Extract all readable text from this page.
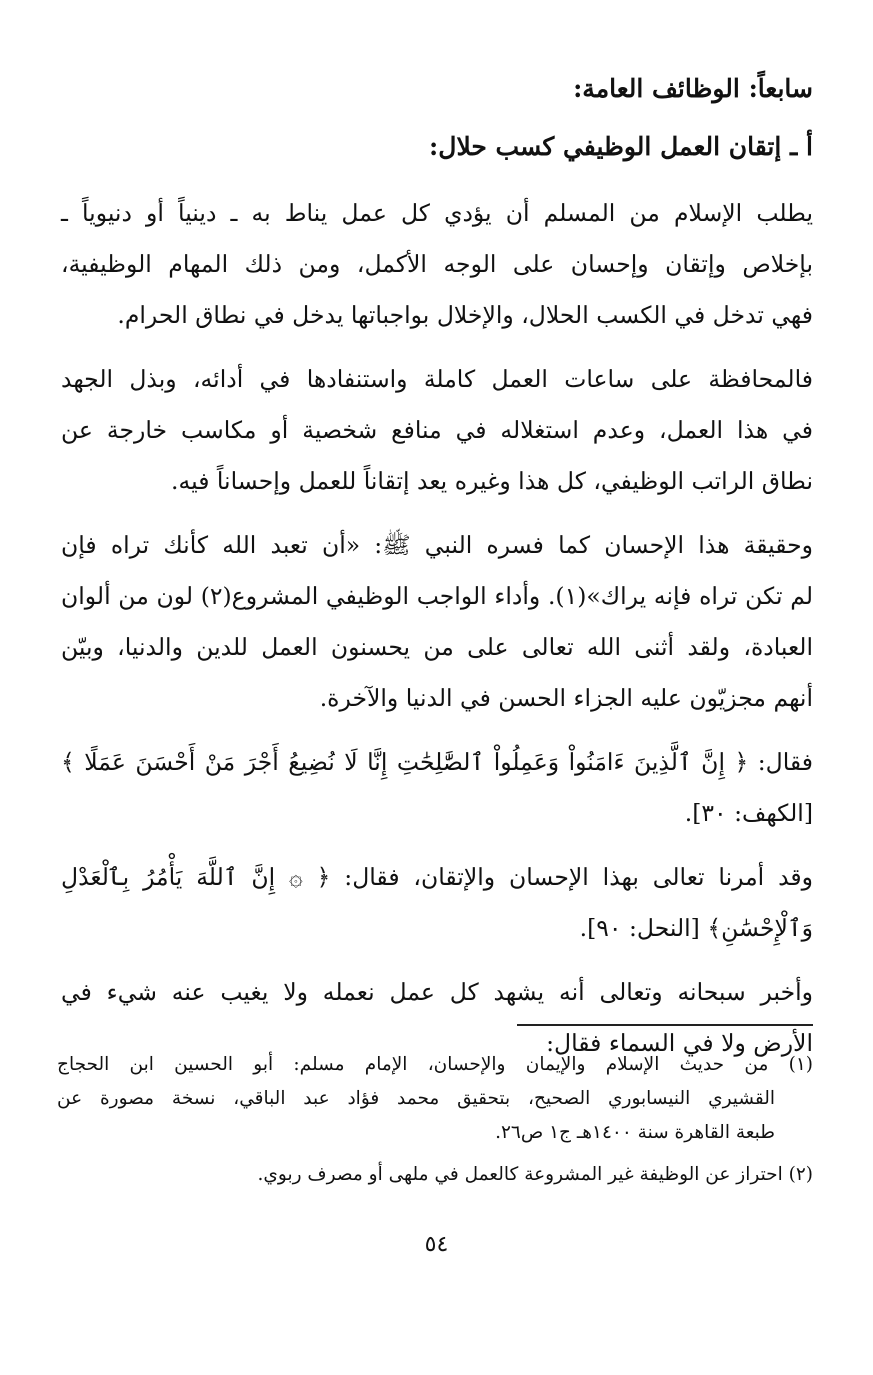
سابعاً: الوظائف العامة:
أ ـ إتقان العمل الوظيفي كسب حلال:
يطلب الإسلام من المسلم أن يؤدي كل عمل يناط به ـ دينياً أو دنيوياً ـ
بإخلاص وإتقان وإحسان على الوجه الأكمل، ومن ذلك المهام الوظيفية،
فهي تدخل في الكسب الحلال، والإخلال بواجباتها يدخل في نطاق الحرام.
فالمحافظة على ساعات العمل كاملة واستنفادها في أدائه، وبذل الجهد
في هذا العمل، وعدم استغلاله في منافع شخصية أو مكاسب خارجة عن
نطاق الراتب الوظيفي، كل هذا وغيره يعد إتقاناً للعمل وإحساناً فيه.
وحقيقة هذا الإحسان كما فسره النبي ﷺ: «أن تعبد الله كأنك تراه فإن
لم تكن تراه فإنه يراك»(١). وأداء الواجب الوظيفي المشروع(٢) لون من ألوان
العبادة، ولقد أثنى الله تعالى على من يحسنون العمل للدين والدنيا، وبيّن
أنهم مجزيّون عليه الجزاء الحسن في الدنيا والآخرة.
فقال: ﴿ إِنَّ ٱلَّذِينَ ءَامَنُواْ وَعَمِلُواْ ٱلصَّٰلِحَٰتِ إِنَّا لَا نُضِيعُ أَجْرَ مَنْ أَحْسَنَ عَمَلًا ﴾
[الكهف: ٣٠].
وقد أمرنا تعالى بهذا الإحسان والإتقان، فقال: ﴿ ۞ إِنَّ ٱللَّهَ يَأْمُرُ بِٱلْعَدْلِ
وَٱلْإِحْسَٰنِ﴾ [النحل: ٩٠].
وأخبر سبحانه وتعالى أنه يشهد كل عمل نعمله ولا يغيب عنه شيء في
الأرض ولا في السماء فقال:
(١) من حديث الإسلام والإيمان والإحسان، الإمام مسلم: أبو الحسين ابن الحجاج
القشيري النيسابوري الصحيح، بتحقيق محمد فؤاد عبد الباقي، نسخة مصورة عن
طبعة القاهرة سنة ١٤٠٠هـ ج١ ص٢٦.
(٢) احتراز عن الوظيفة غير المشروعة كالعمل في ملهى أو مصرف ربوي.
٥٤
